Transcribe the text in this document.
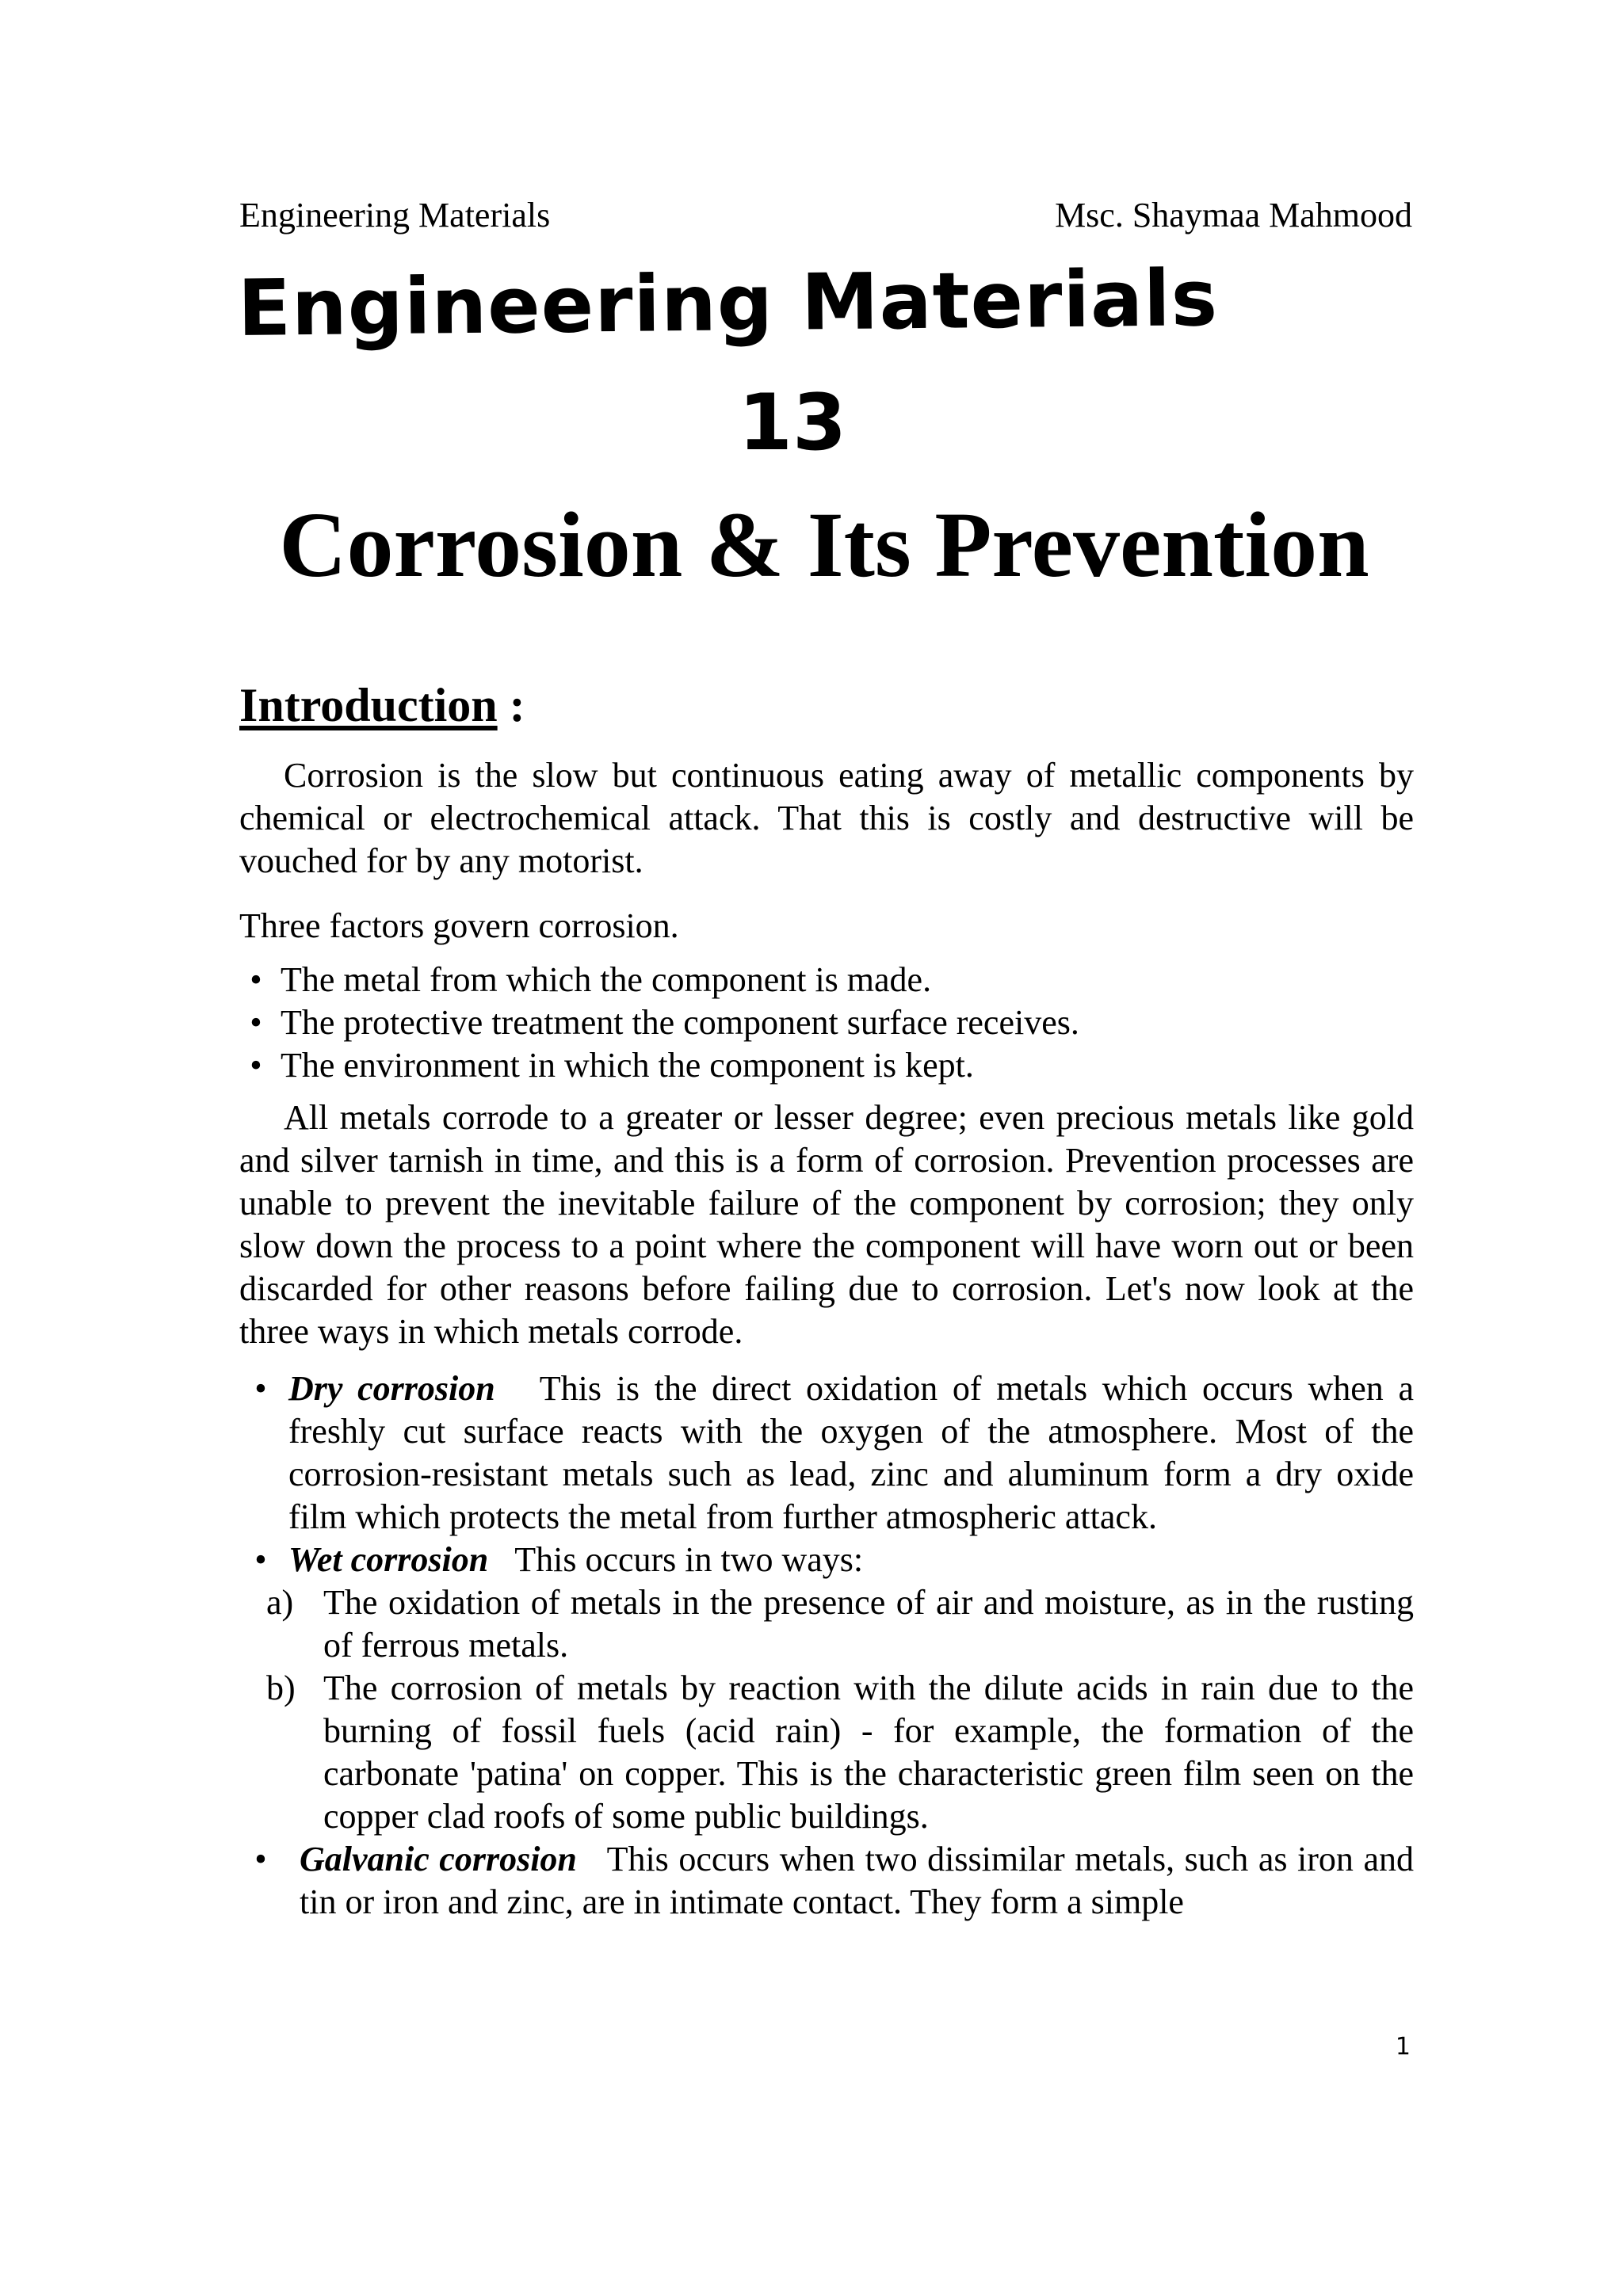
Engineering Materials	Msc. Shaymaa Mahmood
Engineering Materials
13
Corrosion & Its Prevention
Introduction :

Corrosion is the slow but continuous eating away of metallic components by chemical or electrochemical attack. That this is costly and destructive will be vouched for by any motorist.

Three factors govern corrosion.

• The metal from which the component is made.
• The protective treatment the component surface receives.
• The environment in which the component is kept.

All metals corrode to a greater or lesser degree; even precious metals like gold and silver tarnish in time, and this is a form of corrosion. Prevention processes are unable to prevent the inevitable failure of the component by corrosion; they only slow down the process to a point where the component will have worn out or been discarded for other reasons before failing due to corrosion. Let's now look at the three ways in which metals corrode.

• Dry corrosion This is the direct oxidation of metals which occurs when a freshly cut surface reacts with the oxygen of the atmosphere. Most of the corrosion-resistant metals such as lead, zinc and aluminum form a dry oxide film which protects the metal from further atmospheric attack.
• Wet corrosion This occurs in two ways:
a) The oxidation of metals in the presence of air and moisture, as in the rusting of ferrous metals.
b) The corrosion of metals by reaction with the dilute acids in rain due to the burning of fossil fuels (acid rain) - for example, the formation of the carbonate 'patina' on copper. This is the characteristic green film seen on the copper clad roofs of some public buildings.
• Galvanic corrosion This occurs when two dissimilar metals, such as iron and tin or iron and zinc, are in intimate contact. They form a simple
1
